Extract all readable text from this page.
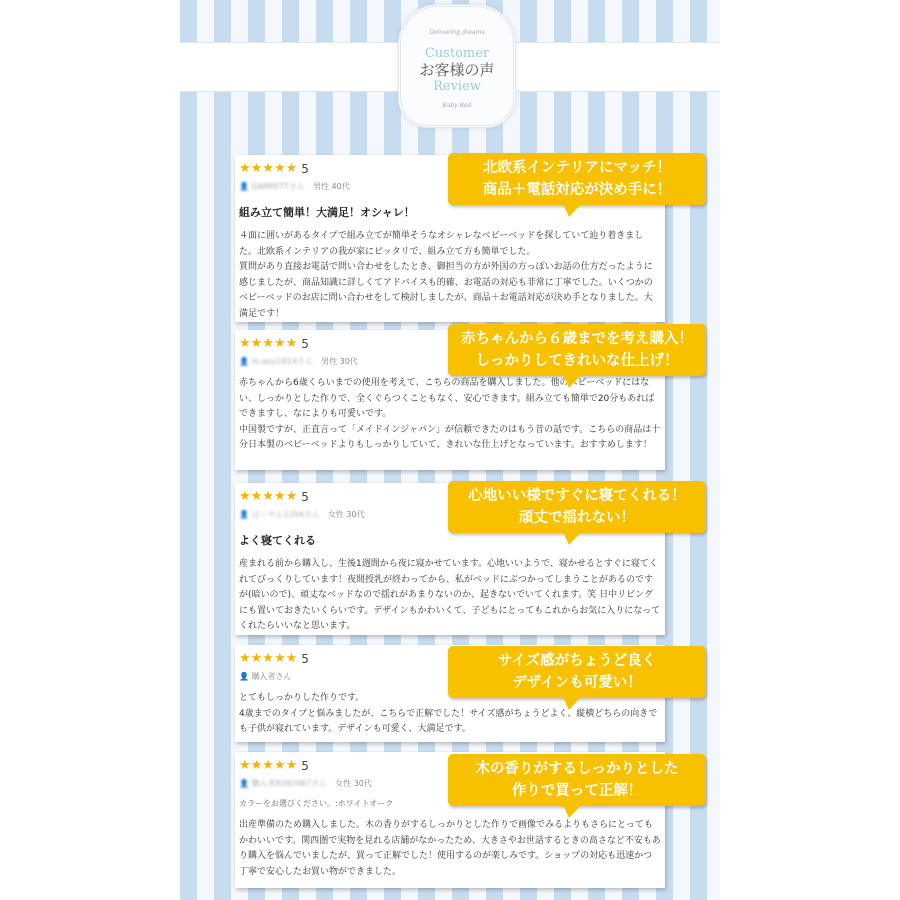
Delivering dreams
Customer
お客様の声
Review
Baby Bed
★★★★★ 5
👤 GARRETTさん 男性 40代
組み立て簡単！大満足！オシャレ！
４面に囲いがあるタイプで組み立てが簡単そうなオシャレなベビーベッドを探していて辿り着きました。北欧系インテリアの我が家にピッタリで、組み立て方も簡単でした。
質問があり直接お電話で問い合わせをしたとき、御担当の方が外国の方っぽいお話の仕方だったように感じましたが、商品知識に詳しくてアドバイスも的確、お電話の対応も非常に丁寧でした。いくつかのベビーベッドのお店に問い合わせをして検討しましたが、商品＋お電話対応が決め手となりました。大満足です！
北欧系インテリアにマッチ！
商品＋電話対応が決め手に！
★★★★★ 5
👤 m.aou1814さん 男性 30代
赤ちゃんから6歳くらいまでの使用を考えて、こちらの商品を購入しました。他のベビーベッドにはない、しっかりとした作りで、全くぐらつくこともなく、安心できます。組み立ても簡単で20分もあればできますし、なによりも可愛いです。
中国製ですが、正直言って「メイドインジャパン」が信頼できたのはもう昔の話です。こちらの商品は十分日本製のベビーベッドよりもしっかりしていて、きれいな仕上げとなっています。おすすめします！
赤ちゃんから６歳までを考え購入！
しっかりしてきれいな仕上げ！
★★★★★ 5
👤 はーやん1204さん 女性 30代
よく寝てくれる
産まれる前から購入し、生後1週間から夜に寝かせています。心地いいようで、寝かせるとすぐに寝てくれてびっくりしています！夜間授乳が終わってから、私がベッドにぶつかってしまうことがあるのですが(暗いので)、頑丈なベッドなので揺れがあまりないのか、起きないでいてくれます。笑 日中リビングにも置いておきたいくらいです。デザインもかわいくて、子どもにとってもこれからお気に入りになってくれたらいいなと思います。
心地いい様ですぐに寝てくれる！
頑丈で揺れない！
★★★★★ 5
👤 購入者さん
とてもしっかりした作りです。
4歳までのタイプと悩みましたが、こちらで正解でした！サイズ感がちょうどよく、縦横どちらの向きでも子供が寝れています。デザインも可愛く、大満足です。
サイズ感がちょうど良く
デザインも可愛い！
★★★★★ 5
👤 購入者8392967さん 女性 30代
カラーをお選びください。:ホワイトオーク
出産準備のため購入しました。木の香りがするしっかりとした作りで画像でみるよりもさらにとってもかわいいです。関西圏で実物を見れる店舗がなかったため、大きさやお世話するときの高さなど不安もあり購入を悩んでいましたが、買って正解でした！使用するのが楽しみです。ショップの対応も迅速かつ丁寧で安心したお買い物ができました。
木の香りがするしっかりとした
作りで買って正解！
